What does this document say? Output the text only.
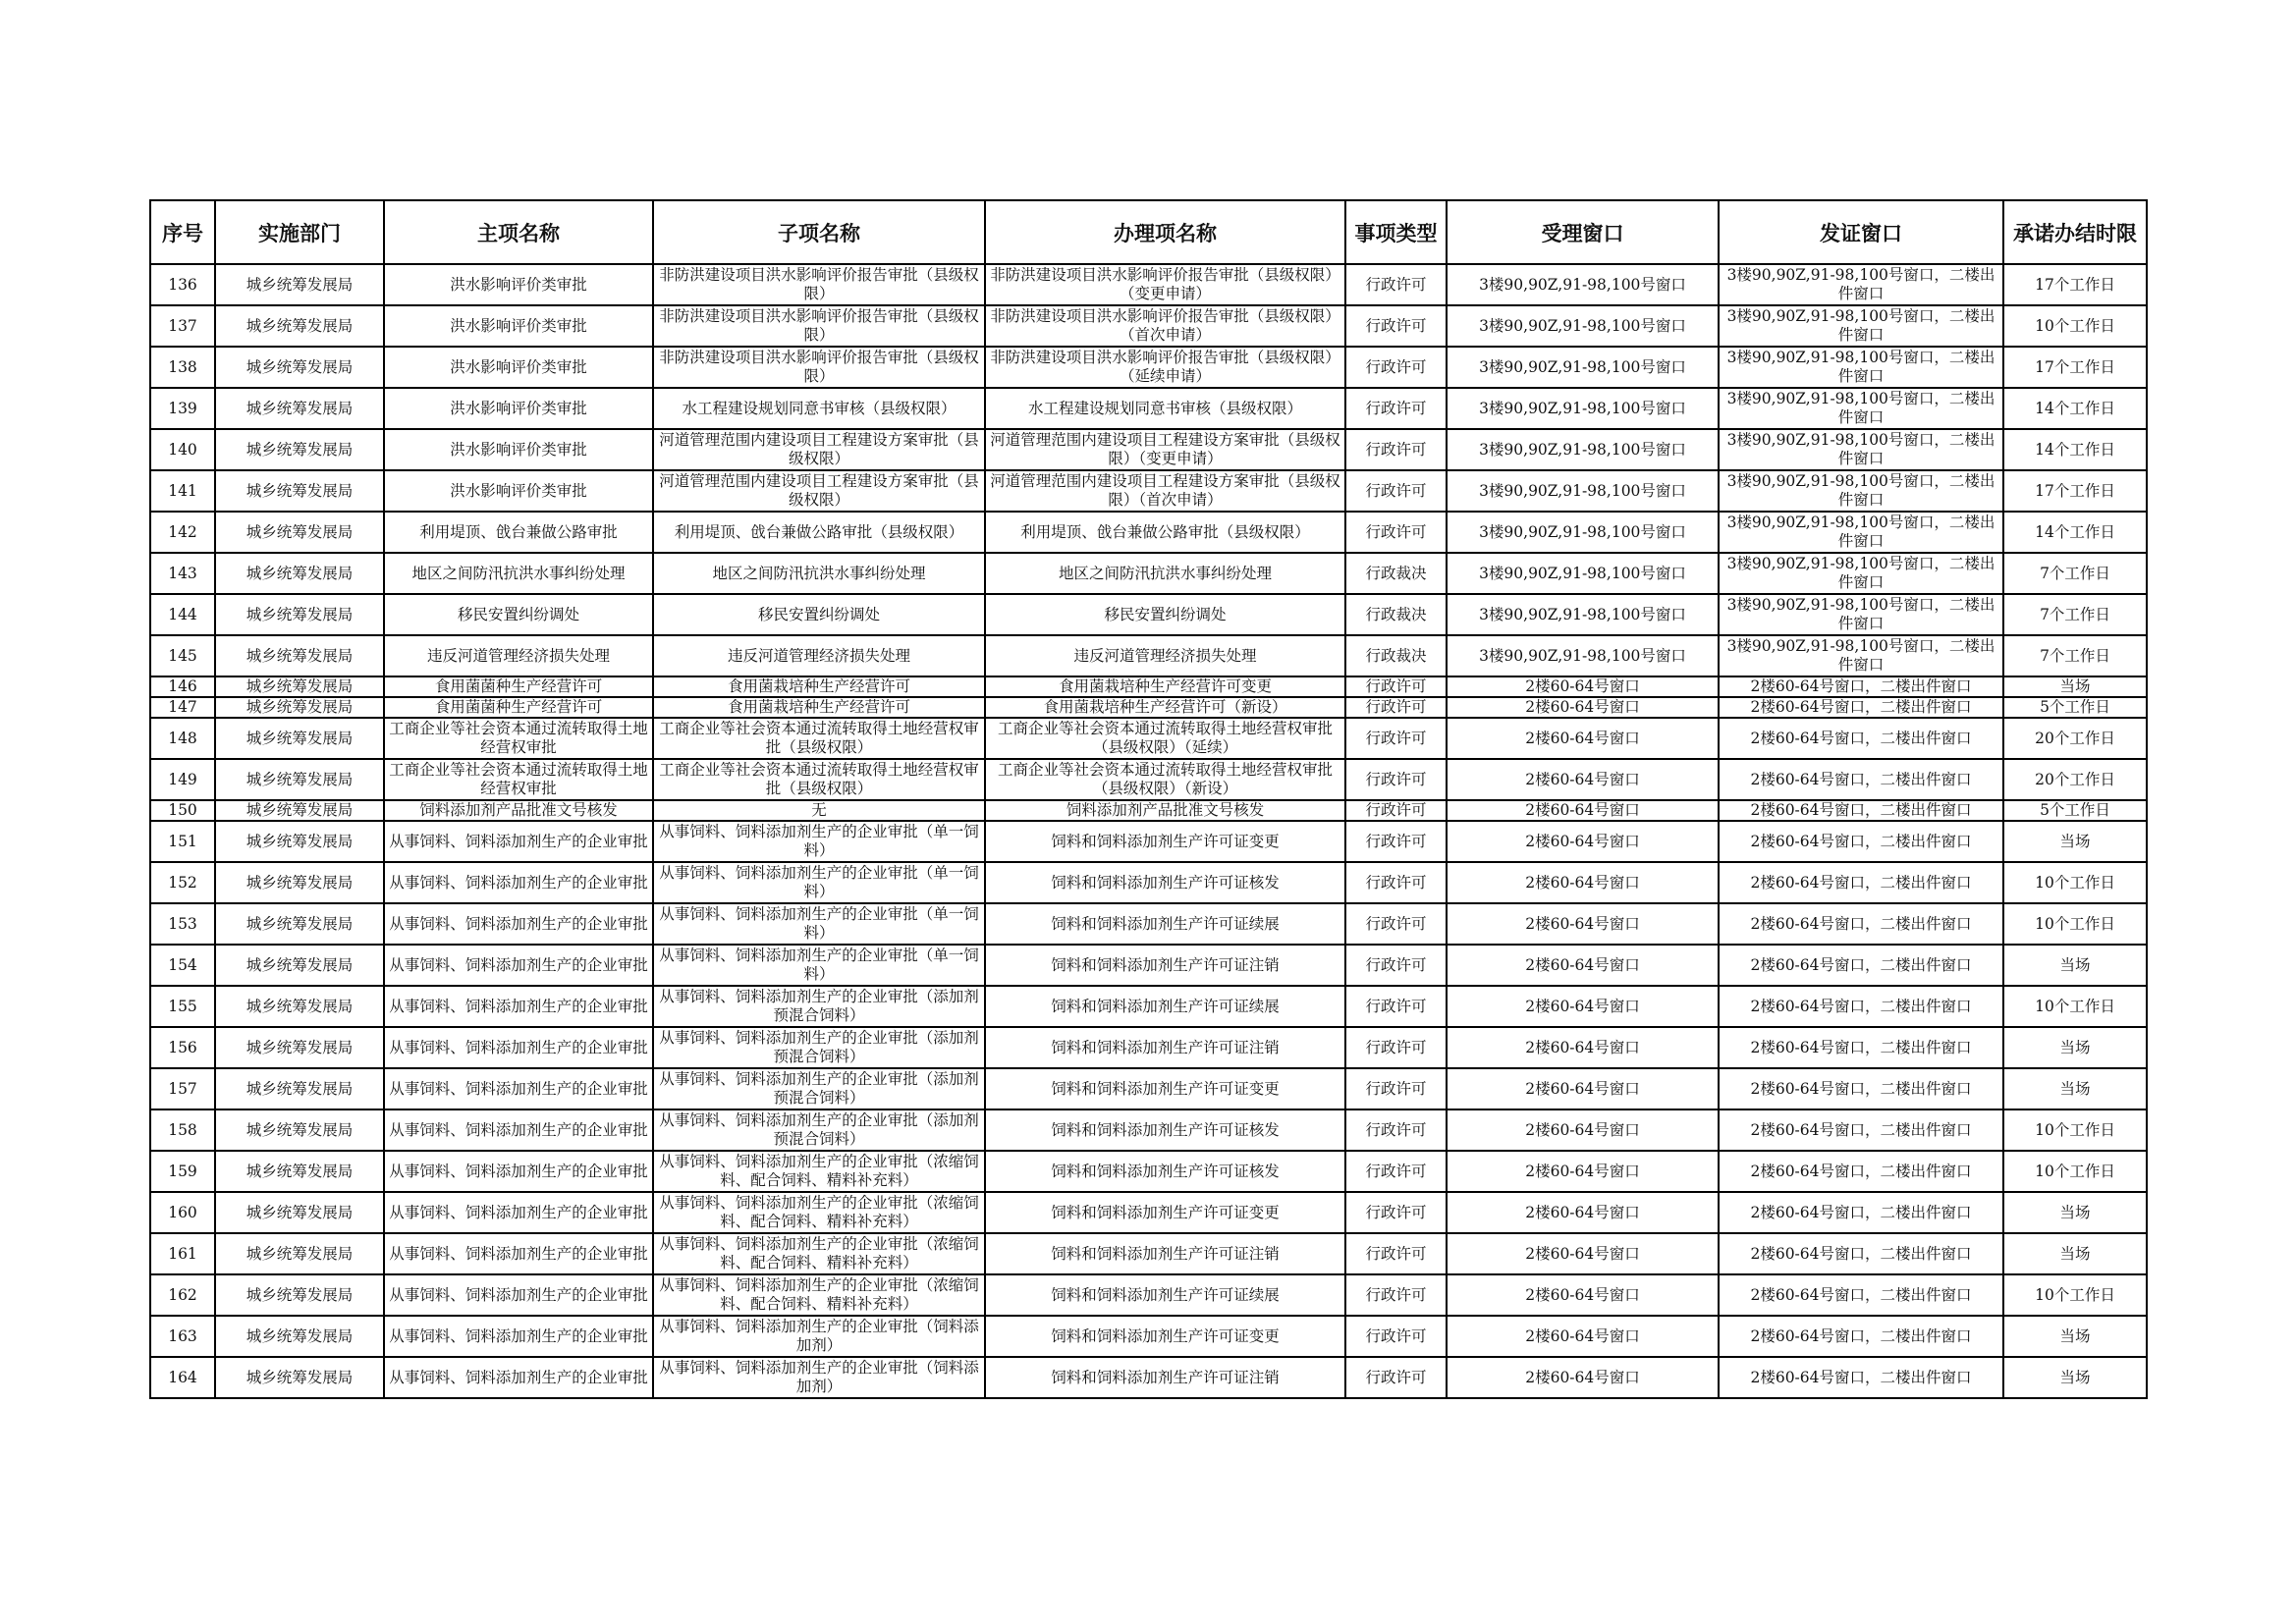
序号	实施部门	主项名称	子项名称	办理项名称	事项类型	受理窗口	发证窗口	承诺办结时限
136	城乡统筹发展局	洪水影响评价类审批	非防洪建设项目洪水影响评价报告审批（县级权限）	非防洪建设项目洪水影响评价报告审批（县级权限）（变更申请）	行政许可	3楼90,90Z,91-98,100号窗口	3楼90,90Z,91-98,100号窗口，二楼出件窗口	17个工作日
137	城乡统筹发展局	洪水影响评价类审批	非防洪建设项目洪水影响评价报告审批（县级权限）	非防洪建设项目洪水影响评价报告审批（县级权限）（首次申请）	行政许可	3楼90,90Z,91-98,100号窗口	3楼90,90Z,91-98,100号窗口，二楼出件窗口	10个工作日
138	城乡统筹发展局	洪水影响评价类审批	非防洪建设项目洪水影响评价报告审批（县级权限）	非防洪建设项目洪水影响评价报告审批（县级权限）（延续申请）	行政许可	3楼90,90Z,91-98,100号窗口	3楼90,90Z,91-98,100号窗口，二楼出件窗口	17个工作日
139	城乡统筹发展局	洪水影响评价类审批	水工程建设规划同意书审核（县级权限）	水工程建设规划同意书审核（县级权限）	行政许可	3楼90,90Z,91-98,100号窗口	3楼90,90Z,91-98,100号窗口，二楼出件窗口	14个工作日
140	城乡统筹发展局	洪水影响评价类审批	河道管理范围内建设项目工程建设方案审批（县级权限）	河道管理范围内建设项目工程建设方案审批（县级权限）（变更申请）	行政许可	3楼90,90Z,91-98,100号窗口	3楼90,90Z,91-98,100号窗口，二楼出件窗口	14个工作日
141	城乡统筹发展局	洪水影响评价类审批	河道管理范围内建设项目工程建设方案审批（县级权限）	河道管理范围内建设项目工程建设方案审批（县级权限）（首次申请）	行政许可	3楼90,90Z,91-98,100号窗口	3楼90,90Z,91-98,100号窗口，二楼出件窗口	17个工作日
142	城乡统筹发展局	利用堤顶、戗台兼做公路审批	利用堤顶、戗台兼做公路审批（县级权限）	利用堤顶、戗台兼做公路审批（县级权限）	行政许可	3楼90,90Z,91-98,100号窗口	3楼90,90Z,91-98,100号窗口，二楼出件窗口	14个工作日
143	城乡统筹发展局	地区之间防汛抗洪水事纠纷处理	地区之间防汛抗洪水事纠纷处理	地区之间防汛抗洪水事纠纷处理	行政裁决	3楼90,90Z,91-98,100号窗口	3楼90,90Z,91-98,100号窗口，二楼出件窗口	7个工作日
144	城乡统筹发展局	移民安置纠纷调处	移民安置纠纷调处	移民安置纠纷调处	行政裁决	3楼90,90Z,91-98,100号窗口	3楼90,90Z,91-98,100号窗口，二楼出件窗口	7个工作日
145	城乡统筹发展局	违反河道管理经济损失处理	违反河道管理经济损失处理	违反河道管理经济损失处理	行政裁决	3楼90,90Z,91-98,100号窗口	3楼90,90Z,91-98,100号窗口，二楼出件窗口	7个工作日
146	城乡统筹发展局	食用菌菌种生产经营许可	食用菌栽培种生产经营许可	食用菌栽培种生产经营许可变更	行政许可	2楼60-64号窗口	2楼60-64号窗口，二楼出件窗口	当场
147	城乡统筹发展局	食用菌菌种生产经营许可	食用菌栽培种生产经营许可	食用菌栽培种生产经营许可（新设）	行政许可	2楼60-64号窗口	2楼60-64号窗口，二楼出件窗口	5个工作日
148	城乡统筹发展局	工商企业等社会资本通过流转取得土地经营权审批	工商企业等社会资本通过流转取得土地经营权审批（县级权限）	工商企业等社会资本通过流转取得土地经营权审批（县级权限）（延续）	行政许可	2楼60-64号窗口	2楼60-64号窗口，二楼出件窗口	20个工作日
149	城乡统筹发展局	工商企业等社会资本通过流转取得土地经营权审批	工商企业等社会资本通过流转取得土地经营权审批（县级权限）	工商企业等社会资本通过流转取得土地经营权审批（县级权限）（新设）	行政许可	2楼60-64号窗口	2楼60-64号窗口，二楼出件窗口	20个工作日
150	城乡统筹发展局	饲料添加剂产品批准文号核发	无	饲料添加剂产品批准文号核发	行政许可	2楼60-64号窗口	2楼60-64号窗口，二楼出件窗口	5个工作日
151	城乡统筹发展局	从事饲料、饲料添加剂生产的企业审批	从事饲料、饲料添加剂生产的企业审批（单一饲料）	饲料和饲料添加剂生产许可证变更	行政许可	2楼60-64号窗口	2楼60-64号窗口，二楼出件窗口	当场
152	城乡统筹发展局	从事饲料、饲料添加剂生产的企业审批	从事饲料、饲料添加剂生产的企业审批（单一饲料）	饲料和饲料添加剂生产许可证核发	行政许可	2楼60-64号窗口	2楼60-64号窗口，二楼出件窗口	10个工作日
153	城乡统筹发展局	从事饲料、饲料添加剂生产的企业审批	从事饲料、饲料添加剂生产的企业审批（单一饲料）	饲料和饲料添加剂生产许可证续展	行政许可	2楼60-64号窗口	2楼60-64号窗口，二楼出件窗口	10个工作日
154	城乡统筹发展局	从事饲料、饲料添加剂生产的企业审批	从事饲料、饲料添加剂生产的企业审批（单一饲料）	饲料和饲料添加剂生产许可证注销	行政许可	2楼60-64号窗口	2楼60-64号窗口，二楼出件窗口	当场
155	城乡统筹发展局	从事饲料、饲料添加剂生产的企业审批	从事饲料、饲料添加剂生产的企业审批（添加剂预混合饲料）	饲料和饲料添加剂生产许可证续展	行政许可	2楼60-64号窗口	2楼60-64号窗口，二楼出件窗口	10个工作日
156	城乡统筹发展局	从事饲料、饲料添加剂生产的企业审批	从事饲料、饲料添加剂生产的企业审批（添加剂预混合饲料）	饲料和饲料添加剂生产许可证注销	行政许可	2楼60-64号窗口	2楼60-64号窗口，二楼出件窗口	当场
157	城乡统筹发展局	从事饲料、饲料添加剂生产的企业审批	从事饲料、饲料添加剂生产的企业审批（添加剂预混合饲料）	饲料和饲料添加剂生产许可证变更	行政许可	2楼60-64号窗口	2楼60-64号窗口，二楼出件窗口	当场
158	城乡统筹发展局	从事饲料、饲料添加剂生产的企业审批	从事饲料、饲料添加剂生产的企业审批（添加剂预混合饲料）	饲料和饲料添加剂生产许可证核发	行政许可	2楼60-64号窗口	2楼60-64号窗口，二楼出件窗口	10个工作日
159	城乡统筹发展局	从事饲料、饲料添加剂生产的企业审批	从事饲料、饲料添加剂生产的企业审批（浓缩饲料、配合饲料、精料补充料）	饲料和饲料添加剂生产许可证核发	行政许可	2楼60-64号窗口	2楼60-64号窗口，二楼出件窗口	10个工作日
160	城乡统筹发展局	从事饲料、饲料添加剂生产的企业审批	从事饲料、饲料添加剂生产的企业审批（浓缩饲料、配合饲料、精料补充料）	饲料和饲料添加剂生产许可证变更	行政许可	2楼60-64号窗口	2楼60-64号窗口，二楼出件窗口	当场
161	城乡统筹发展局	从事饲料、饲料添加剂生产的企业审批	从事饲料、饲料添加剂生产的企业审批（浓缩饲料、配合饲料、精料补充料）	饲料和饲料添加剂生产许可证注销	行政许可	2楼60-64号窗口	2楼60-64号窗口，二楼出件窗口	当场
162	城乡统筹发展局	从事饲料、饲料添加剂生产的企业审批	从事饲料、饲料添加剂生产的企业审批（浓缩饲料、配合饲料、精料补充料）	饲料和饲料添加剂生产许可证续展	行政许可	2楼60-64号窗口	2楼60-64号窗口，二楼出件窗口	10个工作日
163	城乡统筹发展局	从事饲料、饲料添加剂生产的企业审批	从事饲料、饲料添加剂生产的企业审批（饲料添加剂）	饲料和饲料添加剂生产许可证变更	行政许可	2楼60-64号窗口	2楼60-64号窗口，二楼出件窗口	当场
164	城乡统筹发展局	从事饲料、饲料添加剂生产的企业审批	从事饲料、饲料添加剂生产的企业审批（饲料添加剂）	饲料和饲料添加剂生产许可证注销	行政许可	2楼60-64号窗口	2楼60-64号窗口，二楼出件窗口	当场
